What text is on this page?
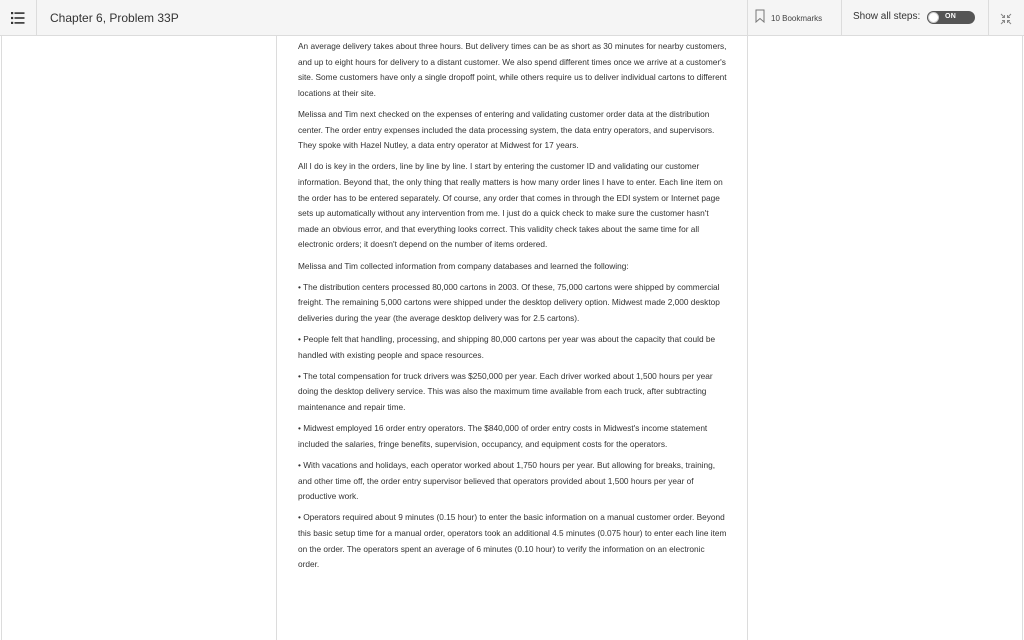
Chapter 6, Problem 33P	10 Bookmarks	Show all steps:	ON

An average delivery takes about three hours. But delivery times can be as short as 30 minutes for nearby customers, and up to eight hours for delivery to a distant customer. We also spend different times once we arrive at a customer's site. Some customers have only a single dropoff point, while others require us to deliver individual cartons to different locations at their site.

Melissa and Tim next checked on the expenses of entering and validating customer order data at the distribution center. The order entry expenses included the data processing system, the data entry operators, and supervisors. They spoke with Hazel Nutley, a data entry operator at Midwest for 17 years.

All I do is key in the orders, line by line by line. I start by entering the customer ID and validating our customer information. Beyond that, the only thing that really matters is how many order lines I have to enter. Each line item on the order has to be entered separately. Of course, any order that comes in through the EDI system or Internet page sets up automatically without any intervention from me. I just do a quick check to make sure the customer hasn't made an obvious error, and that everything looks correct. This validity check takes about the same time for all electronic orders; it doesn't depend on the number of items ordered.

Melissa and Tim collected information from company databases and learned the following:

• The distribution centers processed 80,000 cartons in 2003. Of these, 75,000 cartons were shipped by commercial freight. The remaining 5,000 cartons were shipped under the desktop delivery option. Midwest made 2,000 desktop deliveries during the year (the average desktop delivery was for 2.5 cartons).

• People felt that handling, processing, and shipping 80,000 cartons per year was about the capacity that could be handled with existing people and space resources.

• The total compensation for truck drivers was $250,000 per year. Each driver worked about 1,500 hours per year doing the desktop delivery service. This was also the maximum time available from each truck, after subtracting maintenance and repair time.

• Midwest employed 16 order entry operators. The $840,000 of order entry costs in Midwest's income statement included the salaries, fringe benefits, supervision, occupancy, and equipment costs for the operators.

• With vacations and holidays, each operator worked about 1,750 hours per year. But allowing for breaks, training, and other time off, the order entry supervisor believed that operators provided about 1,500 hours per year of productive work.

• Operators required about 9 minutes (0.15 hour) to enter the basic information on a manual customer order. Beyond this basic setup time for a manual order, operators took an additional 4.5 minutes (0.075 hour) to enter each line item on the order. The operators spent an average of 6 minutes (0.10 hour) to verify the information on an electronic order.
